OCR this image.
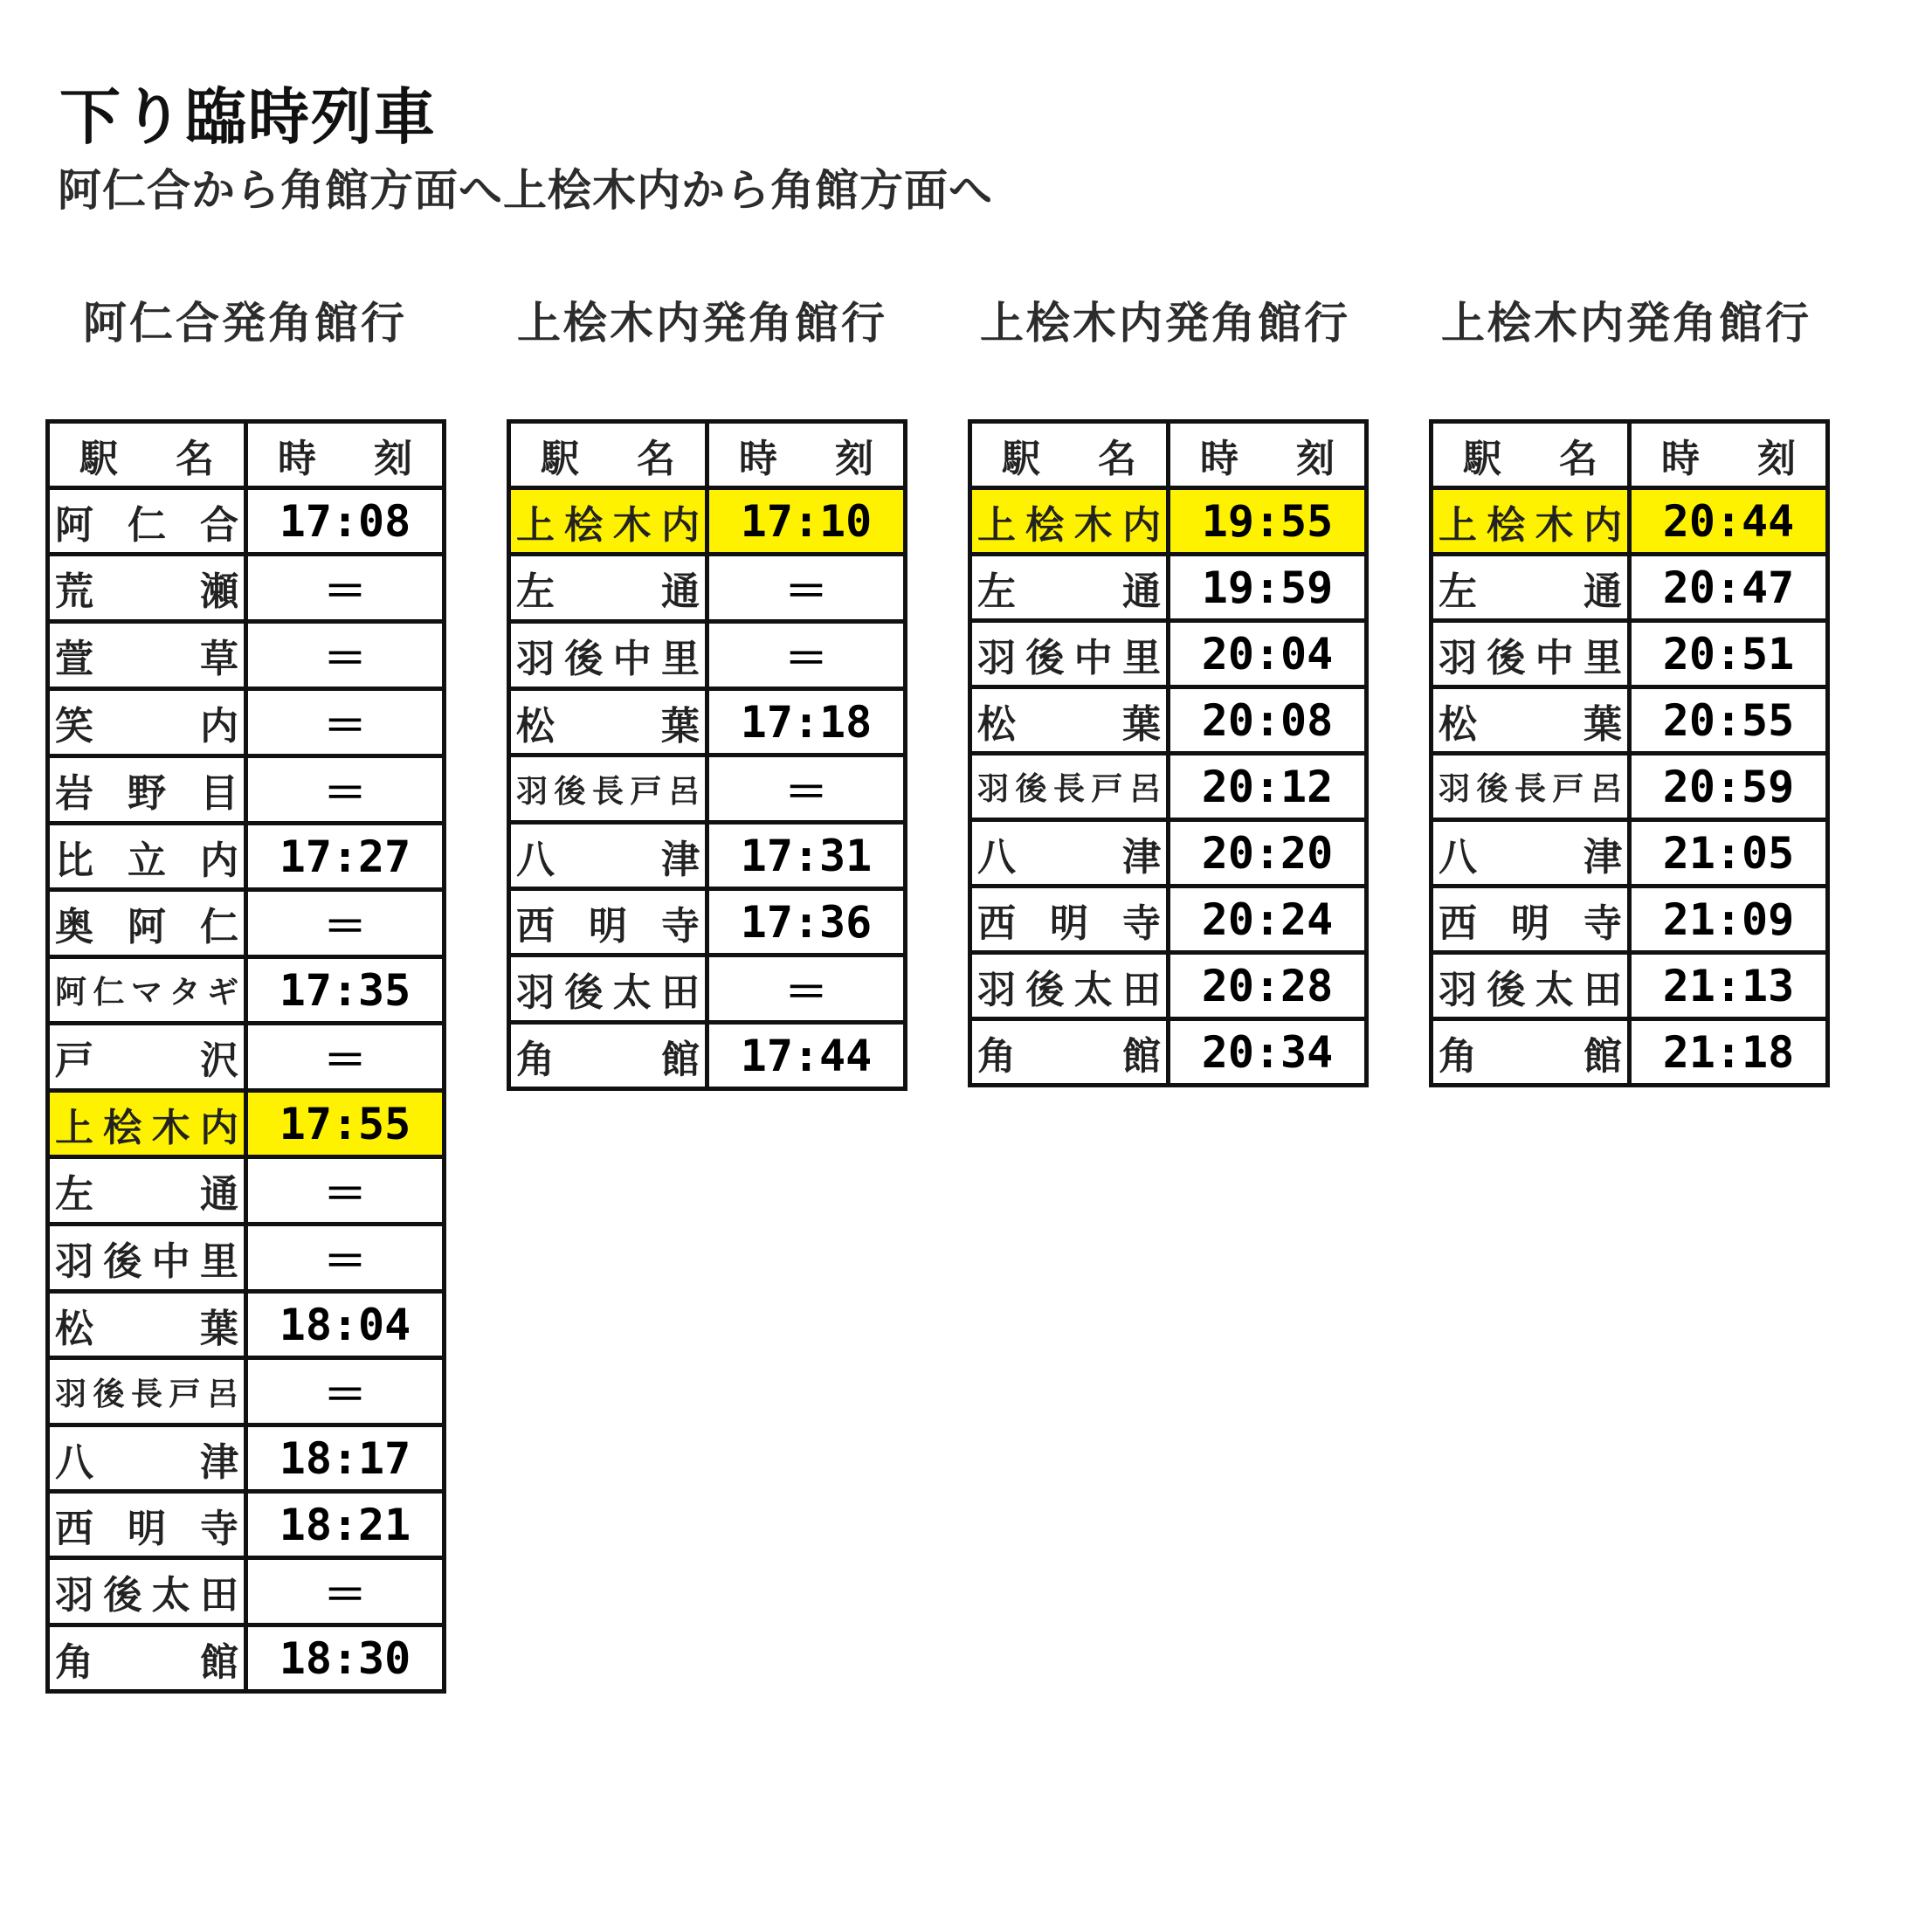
下り臨時列車
阿仁合から角館方面へ上桧木内から角館方面へ
阿仁合発角館行
駅 名	時 刻
阿仁合	17:08
荒瀬	＝
萱草	＝
笑内	＝
岩野目	＝
比立内	17:27
奥阿仁	＝
阿仁マタギ	17:35
戸沢	＝
上桧木内	17:55
左通	＝
羽後中里	＝
松葉	18:04
羽後長戸呂	＝
八津	18:17
西明寺	18:21
羽後太田	＝
角館	18:30
上桧木内発角館行
駅 名	時 刻
上桧木内	17:10
左通	＝
羽後中里	＝
松葉	17:18
羽後長戸呂	＝
八津	17:31
西明寺	17:36
羽後太田	＝
角館	17:44
上桧木内発角館行
駅 名	時 刻
上桧木内	19:55
左通	19:59
羽後中里	20:04
松葉	20:08
羽後長戸呂	20:12
八津	20:20
西明寺	20:24
羽後太田	20:28
角館	20:34
上桧木内発角館行
駅 名	時 刻
上桧木内	20:44
左通	20:47
羽後中里	20:51
松葉	20:55
羽後長戸呂	20:59
八津	21:05
西明寺	21:09
羽後太田	21:13
角館	21:18
